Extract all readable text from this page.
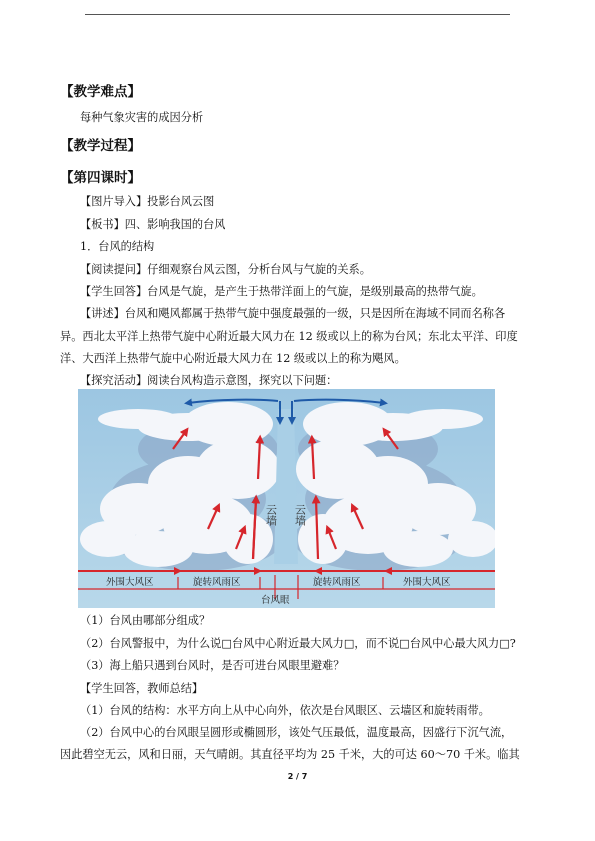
【教学难点】
每种气象灾害的成因分析
【教学过程】
【第四课时】
【图片导入】投影台风云图
【板书】四、影响我国的台风
1．台风的结构
【阅读提问】仔细观察台风云图，分析台风与气旋的关系。
【学生回答】台风是气旋，是产生于热带洋面上的气旋，是级别最高的热带气旋。
【讲述】台风和飓风都属于热带气旋中强度最强的一级，只是因所在海域不同而名称各
异。西北太平洋上热带气旋中心附近最大风力在 12 级或以上的称为台风；东北太平洋、印度
洋、大西洋上热带气旋中心附近最大风力在 12 级或以上的称为飓风。
【探究活动】阅读台风构造示意图，探究以下问题：
云墙 云墙
外围大风区	旋转风雨区	旋转风雨区	外围大风区
台风眼
（1）台风由哪部分组成？
（2）台风警报中，为什么说□台风中心附近最大风力□，而不说□台风中心最大风力□?
（3）海上船只遇到台风时，是否可进台风眼里避难？
【学生回答，教师总结】
（1）台风的结构：水平方向上从中心向外，依次是台风眼区、云墙区和旋转雨带。
（2）台风中心的台风眼呈圆形或椭圆形，该处气压最低，温度最高，因盛行下沉气流，
因此碧空无云，风和日丽，天气晴朗。其直径平均为 25 千米，大的可达 60～70 千米。临其
2 / 7
